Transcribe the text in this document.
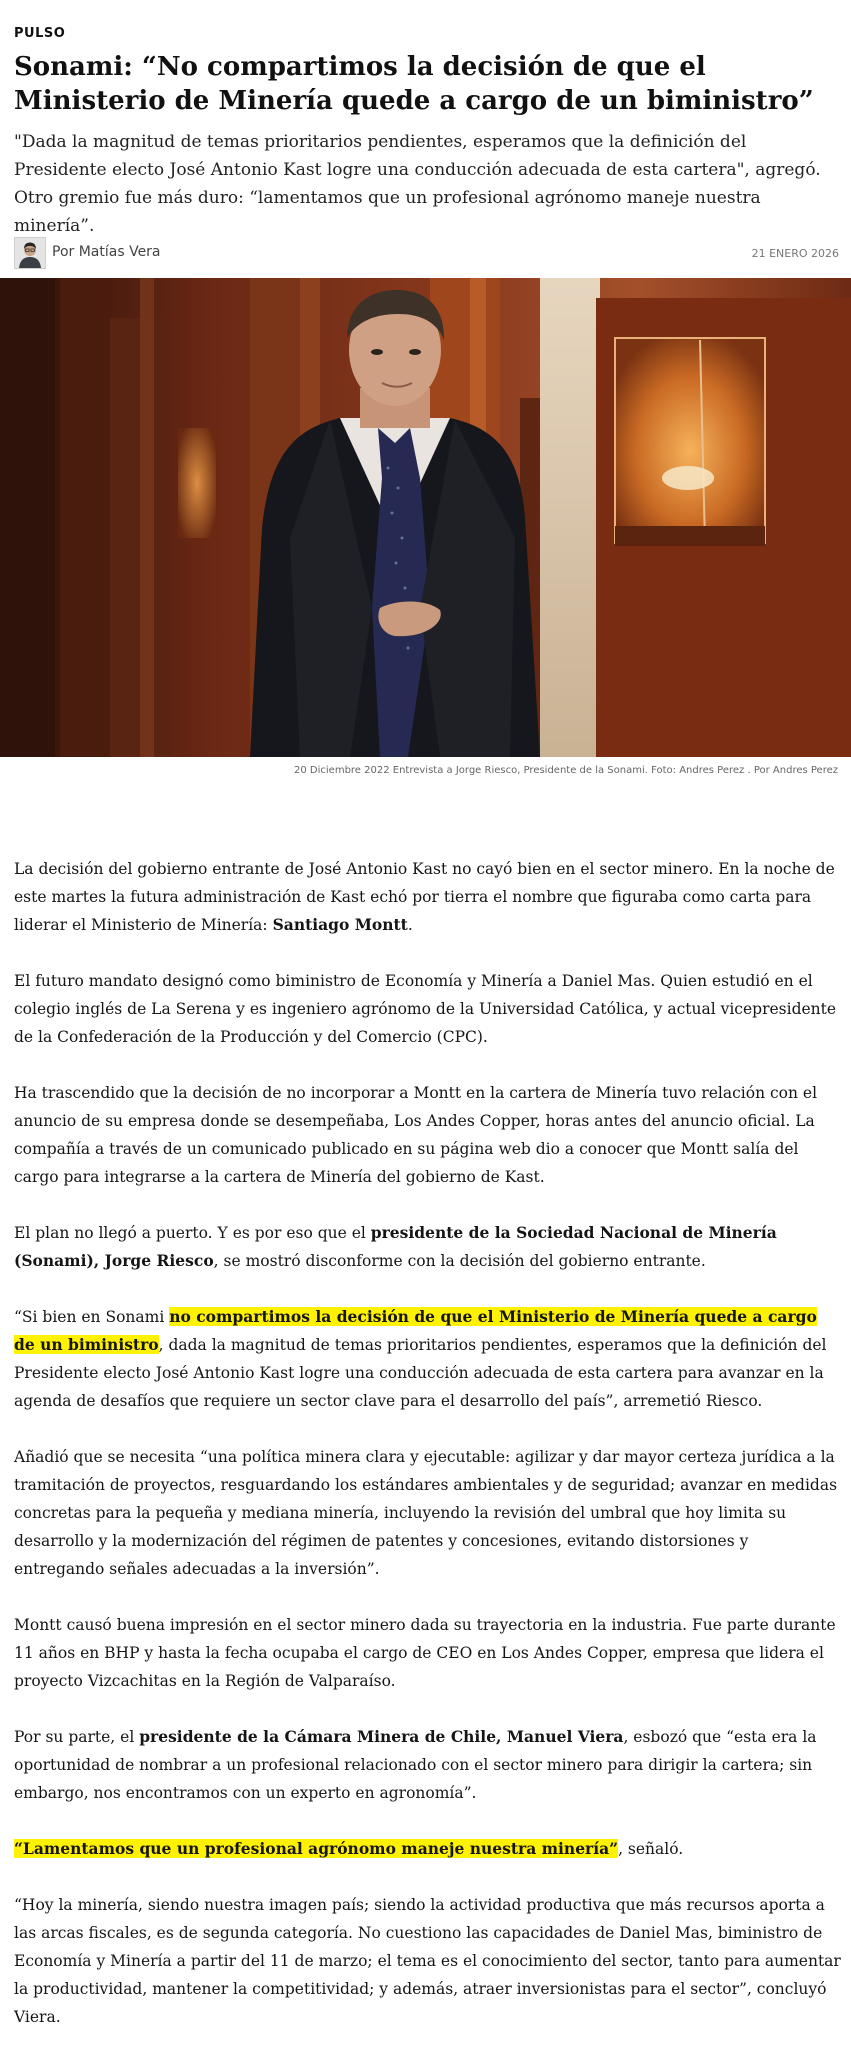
PULSO
Sonami: “No compartimos la decisión de que el Ministerio de Minería quede a cargo de un biministro”

"Dada la magnitud de temas prioritarios pendientes, esperamos que la definición del Presidente electo José Antonio Kast logre una conducción adecuada de esta cartera", agregó. Otro gremio fue más duro: “lamentamos que un profesional agrónomo maneje nuestra minería”.

Por Matías Vera	21 ENERO 2026
20 Diciembre 2022 Entrevista a Jorge Riesco, Presidente de la Sonami. Foto: Andres Perez . Por Andres Perez

La decisión del gobierno entrante de José Antonio Kast no cayó bien en el sector minero. En la noche de este martes la futura administración de Kast echó por tierra el nombre que figuraba como carta para liderar el Ministerio de Minería: Santiago Montt.

El futuro mandato designó como biministro de Economía y Minería a Daniel Mas. Quien estudió en el colegio inglés de La Serena y es ingeniero agrónomo de la Universidad Católica, y actual vicepresidente de la Confederación de la Producción y del Comercio (CPC).

Ha trascendido que la decisión de no incorporar a Montt en la cartera de Minería tuvo relación con el anuncio de su empresa donde se desempeñaba, Los Andes Copper, horas antes del anuncio oficial. La compañía a través de un comunicado publicado en su página web dio a conocer que Montt salía del cargo para integrarse a la cartera de Minería del gobierno de Kast.

El plan no llegó a puerto. Y es por eso que el presidente de la Sociedad Nacional de Minería (Sonami), Jorge Riesco, se mostró disconforme con la decisión del gobierno entrante.

“Si bien en Sonami no compartimos la decisión de que el Ministerio de Minería quede a cargo de un biministro, dada la magnitud de temas prioritarios pendientes, esperamos que la definición del Presidente electo José Antonio Kast logre una conducción adecuada de esta cartera para avanzar en la agenda de desafíos que requiere un sector clave para el desarrollo del país”, arremetió Riesco.

Añadió que se necesita “una política minera clara y ejecutable: agilizar y dar mayor certeza jurídica a la tramitación de proyectos, resguardando los estándares ambientales y de seguridad; avanzar en medidas concretas para la pequeña y mediana minería, incluyendo la revisión del umbral que hoy limita su desarrollo y la modernización del régimen de patentes y concesiones, evitando distorsiones y entregando señales adecuadas a la inversión”.

Montt causó buena impresión en el sector minero dada su trayectoria en la industria. Fue parte durante 11 años en BHP y hasta la fecha ocupaba el cargo de CEO en Los Andes Copper, empresa que lidera el proyecto Vizcachitas en la Región de Valparaíso.

Por su parte, el presidente de la Cámara Minera de Chile, Manuel Viera, esbozó que “esta era la oportunidad de nombrar a un profesional relacionado con el sector minero para dirigir la cartera; sin embargo, nos encontramos con un experto en agronomía”.

“Lamentamos que un profesional agrónomo maneje nuestra minería”, señaló.

“Hoy la minería, siendo nuestra imagen país; siendo la actividad productiva que más recursos aporta a las arcas fiscales, es de segunda categoría. No cuestiono las capacidades de Daniel Mas, biministro de Economía y Minería a partir del 11 de marzo; el tema es el conocimiento del sector, tanto para aumentar la productividad, mantener la competitividad; y además, atraer inversionistas para el sector”, concluyó Viera.
